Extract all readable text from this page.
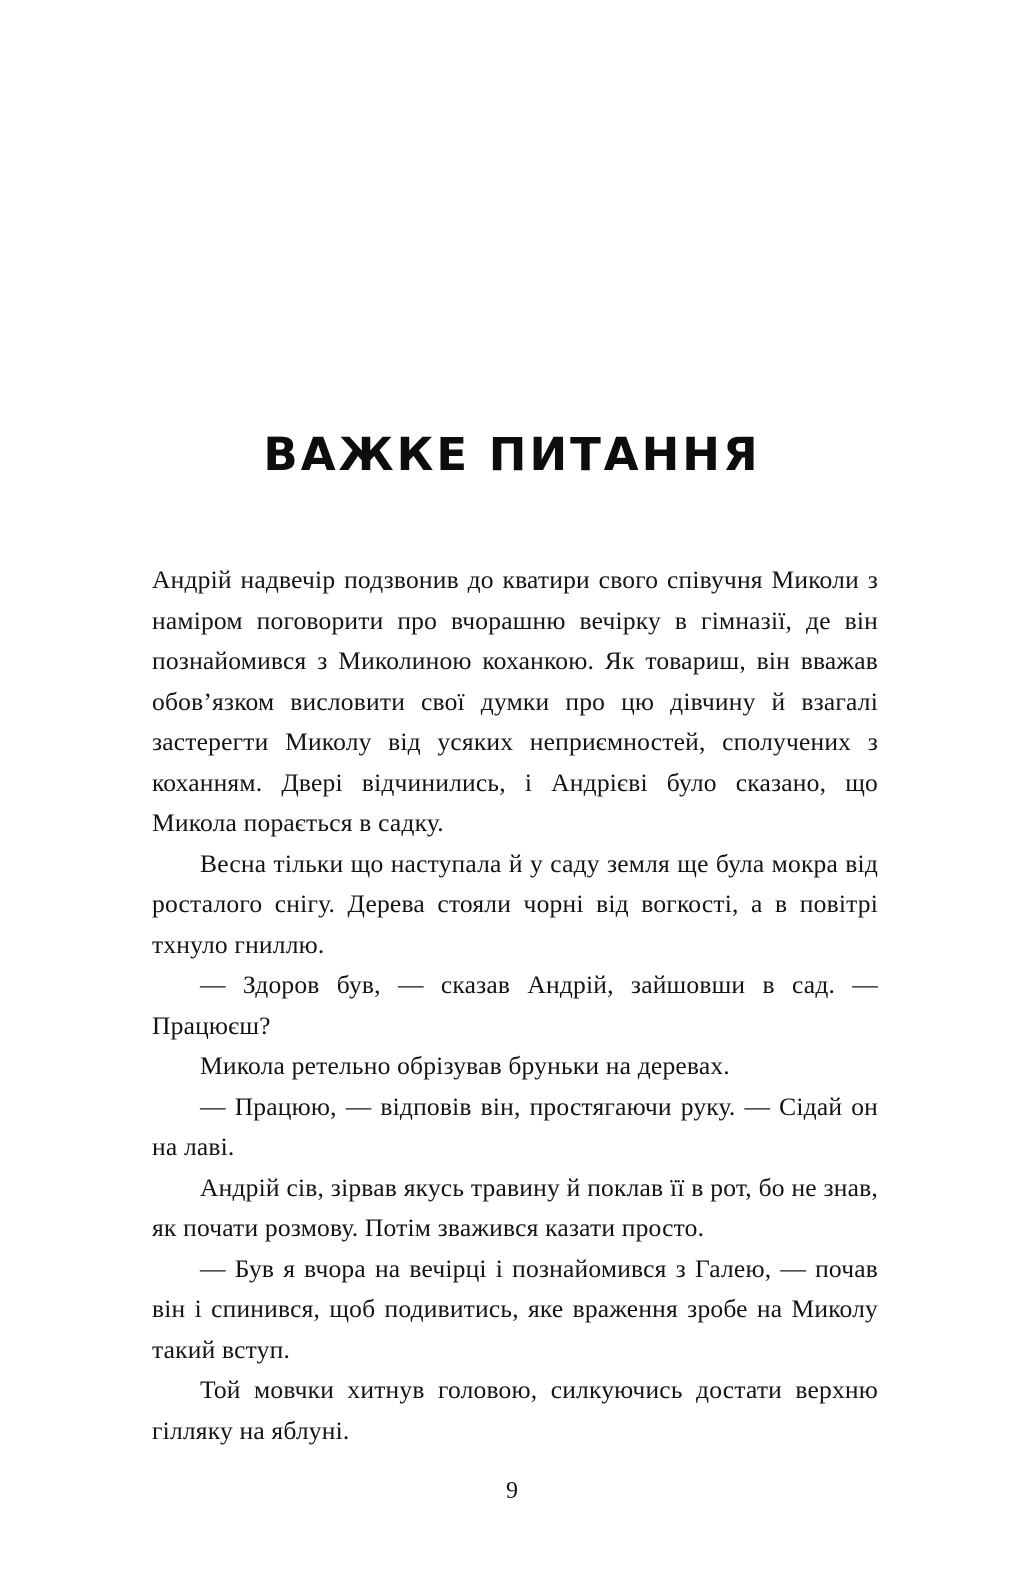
ВАЖКЕ ПИТАННЯ

Андрій надвечір подзвонив до кватири свого співучня Миколи з наміром поговорити про вчорашню вечірку в гімназії, де він познайомився з Миколиною коханкою. Як товариш, він вважав обов’язком висловити свої думки про цю дівчину й взагалі застерегти Миколу від усяких неприємностей, сполучених з коханням. Двері відчинились, і Андрієві було сказано, що Микола порається в садку.

Весна тільки що наступала й у саду земля ще була мокра від росталого снігу. Дерева стояли чорні від вогкості, а в повітрі тхнуло гниллю.

— Здоров був, — сказав Андрій, зайшовши в сад. — Працюєш?

Микола ретельно обрізував бруньки на деревах.

— Працюю, — відповів він, простягаючи руку. — Сідай он на лаві.

Андрій сів, зірвав якусь травину й поклав її в рот, бо не знав, як почати розмову. Потім зважився казати просто.

— Був я вчора на вечірці і познайомився з Галею, — почав він і спинився, щоб подивитись, яке враження зробе на Миколу такий вступ.

Той мовчки хитнув головою, силкуючись достати верхню гілляку на яблуні.

9
